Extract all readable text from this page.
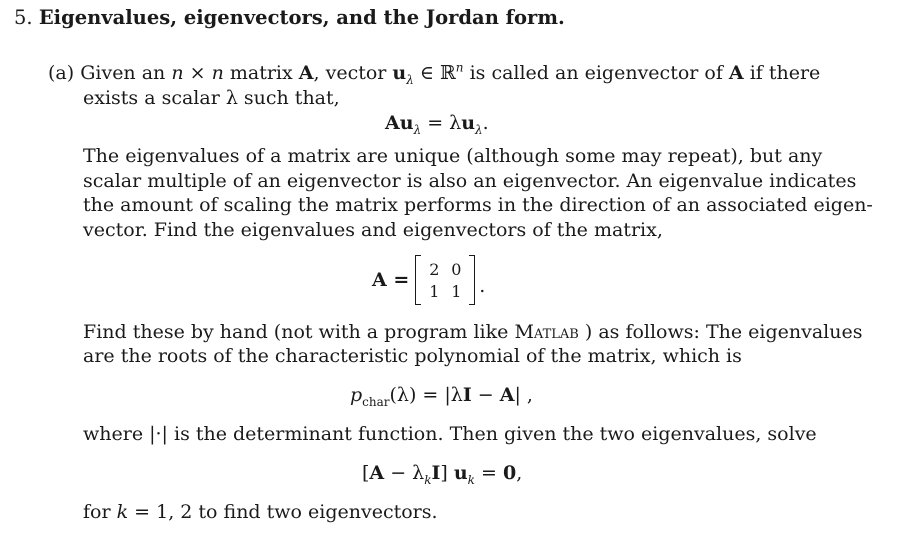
5. Eigenvalues, eigenvectors, and the Jordan form.
(a) Given an n × n matrix A, vector $u_\lambda$ ∈ ℝ$^n$ is called an eigenvector of A if there
exists a scalar λ such that,
$Au_\lambda = \lambda u_\lambda$.
The eigenvalues of a matrix are unique (although some may repeat), but any
scalar multiple of an eigenvector is also an eigenvector. An eigenvalue indicates
the amount of scaling the matrix performs in the direction of an associated eigen-
vector. Find the eigenvalues and eigenvectors of the matrix,
A =	2 0
1 1 .
Find these by hand (not with a program like Matlab ) as follows: The eigenvalues
are the roots of the characteristic polynomial of the matrix, which is
$p_{char}(\lambda) = |\lambda I - A|$ ,
where |·| is the determinant function. Then given the two eigenvalues, solve
$[A - \lambda_kI]$ $u_k = 0$,
for k = 1, 2 to find two eigenvectors.
